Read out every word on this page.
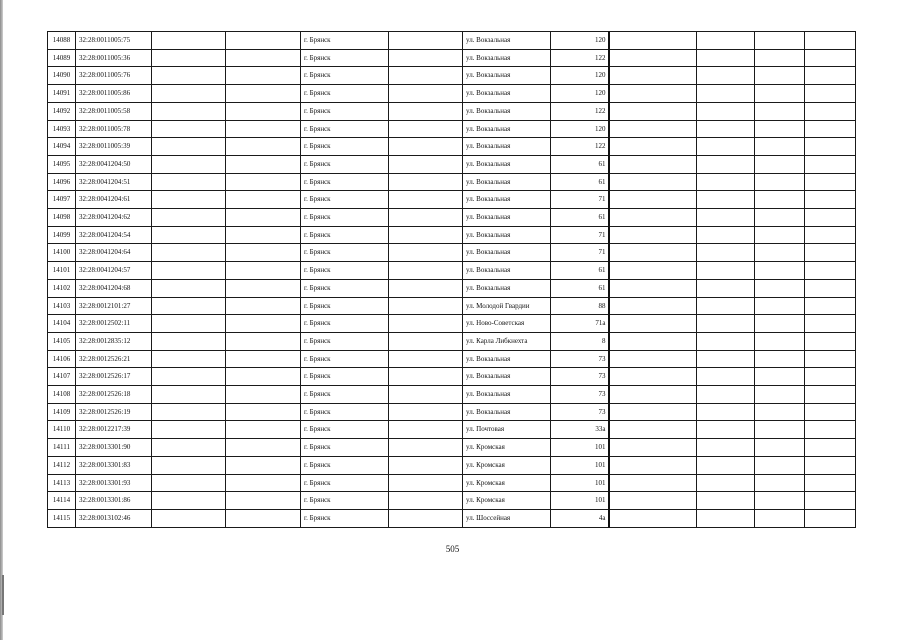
14088	32:28:0011005:75			г. Брянск		ул. Вокзальная	120				
14089	32:28:0011005:36			г. Брянск		ул. Вокзальная	122				
14090	32:28:0011005:76			г. Брянск		ул. Вокзальная	120				
14091	32:28:0011005:86			г. Брянск		ул. Вокзальная	120				
14092	32:28:0011005:58			г. Брянск		ул. Вокзальная	122				
14093	32:28:0011005:78			г. Брянск		ул. Вокзальная	120				
14094	32:28:0011005:39			г. Брянск		ул. Вокзальная	122				
14095	32:28:0041204:50			г. Брянск		ул. Вокзальная	61				
14096	32:28:0041204:51			г. Брянск		ул. Вокзальная	61				
14097	32:28:0041204:61			г. Брянск		ул. Вокзальная	71				
14098	32:28:0041204:62			г. Брянск		ул. Вокзальная	61				
14099	32:28:0041204:54			г. Брянск		ул. Вокзальная	71				
14100	32:28:0041204:64			г. Брянск		ул. Вокзальная	71				
14101	32:28:0041204:57			г. Брянск		ул. Вокзальная	61				
14102	32:28:0041204:68			г. Брянск		ул. Вокзальная	61				
14103	32:28:0012101:27			г. Брянск		ул. Молодой Гвардии	88				
14104	32:28:0012502:11			г. Брянск		ул. Ново-Советская	71а				
14105	32:28:0012835:12			г. Брянск		ул. Карла Либкнехта	8				
14106	32:28:0012526:21			г. Брянск		ул. Вокзальная	73				
14107	32:28:0012526:17			г. Брянск		ул. Вокзальная	73				
14108	32:28:0012526:18			г. Брянск		ул. Вокзальная	73				
14109	32:28:0012526:19			г. Брянск		ул. Вокзальная	73				
14110	32:28:0012217:39			г. Брянск		ул. Почтовая	33а				
14111	32:28:0013301:90			г. Брянск		ул. Кромская	101				
14112	32:28:0013301:83			г. Брянск		ул. Кромская	101				
14113	32:28:0013301:93			г. Брянск		ул. Кромская	101				
14114	32:28:0013301:86			г. Брянск		ул. Кромская	101				
14115	32:28:0013102:46			г. Брянск		ул. Шоссейная	4а				
505
